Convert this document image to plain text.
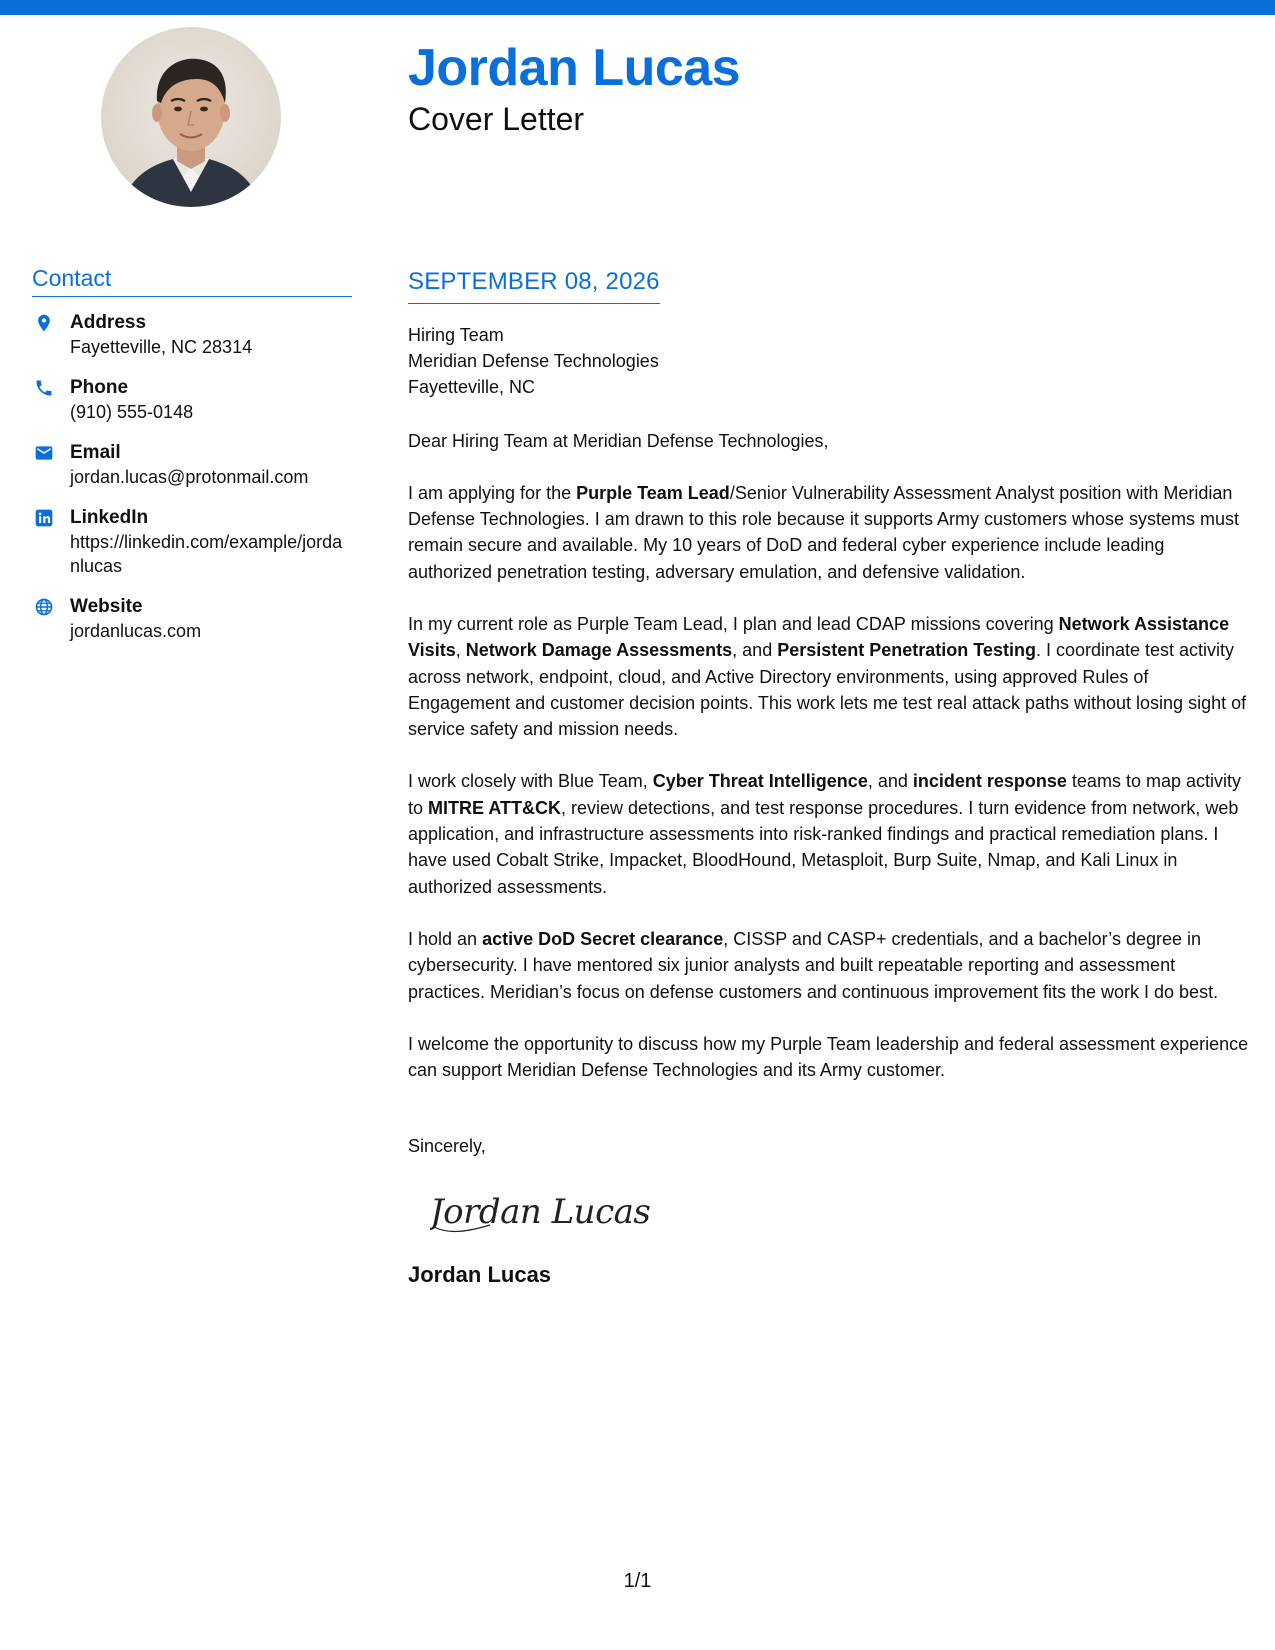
Jordan Lucas
Cover Letter
Contact
Address
Fayetteville, NC 28314
Phone
(910) 555-0148
Email
jordan.lucas@protonmail.com
LinkedIn
https://linkedin.com/example/jordanlucas
Website
jordanlucas.com
SEPTEMBER 08, 2026
Hiring Team
Meridian Defense Technologies
Fayetteville, NC
Dear Hiring Team at Meridian Defense Technologies,

I am applying for the Purple Team Lead/Senior Vulnerability Assessment Analyst position with Meridian Defense Technologies. I am drawn to this role because it supports Army customers whose systems must remain secure and available. My 10 years of DoD and federal cyber experience include leading authorized penetration testing, adversary emulation, and defensive validation.

In my current role as Purple Team Lead, I plan and lead CDAP missions covering Network Assistance Visits, Network Damage Assessments, and Persistent Penetration Testing. I coordinate test activity across network, endpoint, cloud, and Active Directory environments, using approved Rules of Engagement and customer decision points. This work lets me test real attack paths without losing sight of service safety and mission needs.

I work closely with Blue Team, Cyber Threat Intelligence, and incident response teams to map activity to MITRE ATT&CK, review detections, and test response procedures. I turn evidence from network, web application, and infrastructure assessments into risk-ranked findings and practical remediation plans. I have used Cobalt Strike, Impacket, BloodHound, Metasploit, Burp Suite, Nmap, and Kali Linux in authorized assessments.

I hold an active DoD Secret clearance, CISSP and CASP+ credentials, and a bachelor’s degree in cybersecurity. I have mentored six junior analysts and built repeatable reporting and assessment practices. Meridian’s focus on defense customers and continuous improvement fits the work I do best.

I welcome the opportunity to discuss how my Purple Team leadership and federal assessment experience can support Meridian Defense Technologies and its Army customer.

Sincerely,
Jordan Lucas
Jordan Lucas
1/1
